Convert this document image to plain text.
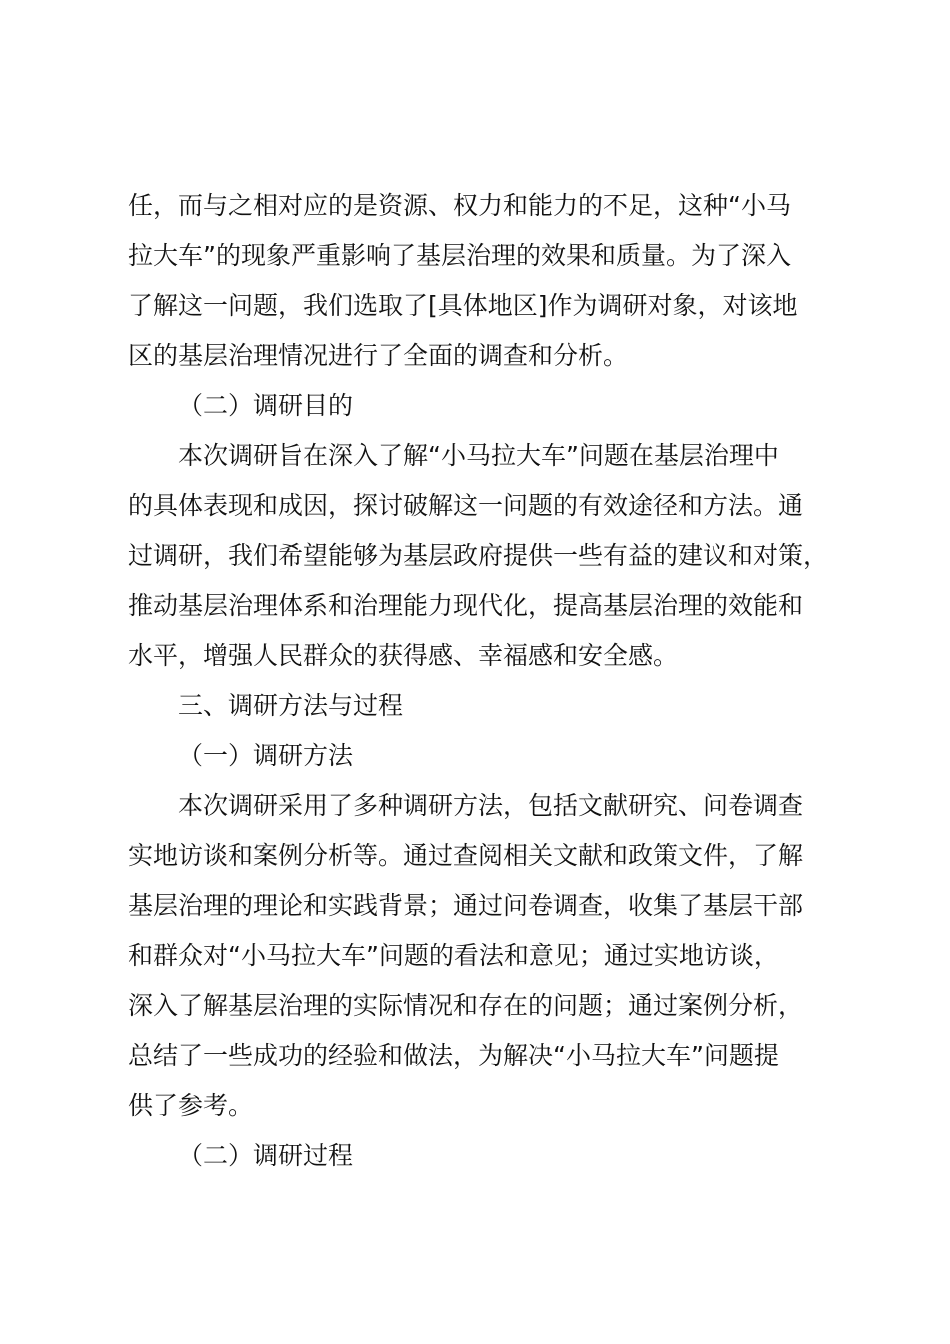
任，而与之相对应的是资源、权力和能力的不足，这种“小马
拉大车”的现象严重影响了基层治理的效果和质量。为了深入
了解这一问题，我们选取了[具体地区]作为调研对象，对该地
区的基层治理情况进行了全面的调查和分析。
（二）调研目的
本次调研旨在深入了解“小马拉大车”问题在基层治理中
的具体表现和成因，探讨破解这一问题的有效途径和方法。通
过调研，我们希望能够为基层政府提供一些有益的建议和对策，
推动基层治理体系和治理能力现代化，提高基层治理的效能和
水平，增强人民群众的获得感、幸福感和安全感。
三、调研方法与过程
（一）调研方法
本次调研采用了多种调研方法，包括文献研究、问卷调查
实地访谈和案例分析等。通过查阅相关文献和政策文件，了解
基层治理的理论和实践背景；通过问卷调查，收集了基层干部
和群众对“小马拉大车”问题的看法和意见；通过实地访谈，
深入了解基层治理的实际情况和存在的问题；通过案例分析，
总结了一些成功的经验和做法，为解决“小马拉大车”问题提
供了参考。
（二）调研过程
